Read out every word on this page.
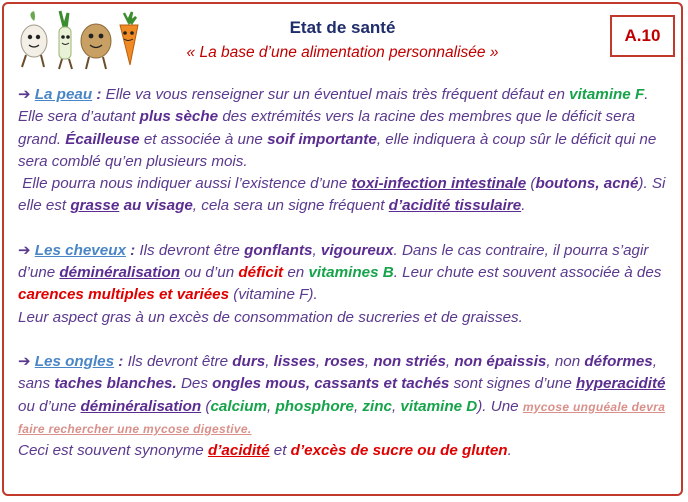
Etat de santé
« La base d’une alimentation personnalisée »
A.10

➔ La peau : Elle va vous renseigner sur un éventuel mais très fréquent défaut en vitamine F. Elle sera d’autant plus sèche des extrémités vers la racine des membres que le déficit sera grand. Écailleuse et associée à une soif importante, elle indiquera à coup sûr le déficit qui ne sera comblé qu’en plusieurs mois.
Elle pourra nous indiquer aussi l’existence d’une toxi-infection intestinale (boutons, acné). Si elle est grasse au visage, cela sera un signe fréquent d’acidité tissulaire.

➔ Les cheveux : Ils devront être gonflants, vigoureux. Dans le cas contraire, il pourra s’agir d’une déminéralisation ou d’un déficit en vitamines B. Leur chute est souvent associée à des carences multiples et variées (vitamine F).
Leur aspect gras à un excès de consommation de sucreries et de graisses.

➔ Les ongles : Ils devront être durs, lisses, roses, non striés, non épaissis, non déformes, sans taches blanches. Des ongles mous, cassants et tachés sont signes d’une hyperacidité ou d’une déminéralisation (calcium, phosphore, zinc, vitamine D). Une mycose unguéale devra faire rechercher une mycose digestive.
Ceci est souvent synonyme d’acidité et d’excès de sucre ou de gluten.
